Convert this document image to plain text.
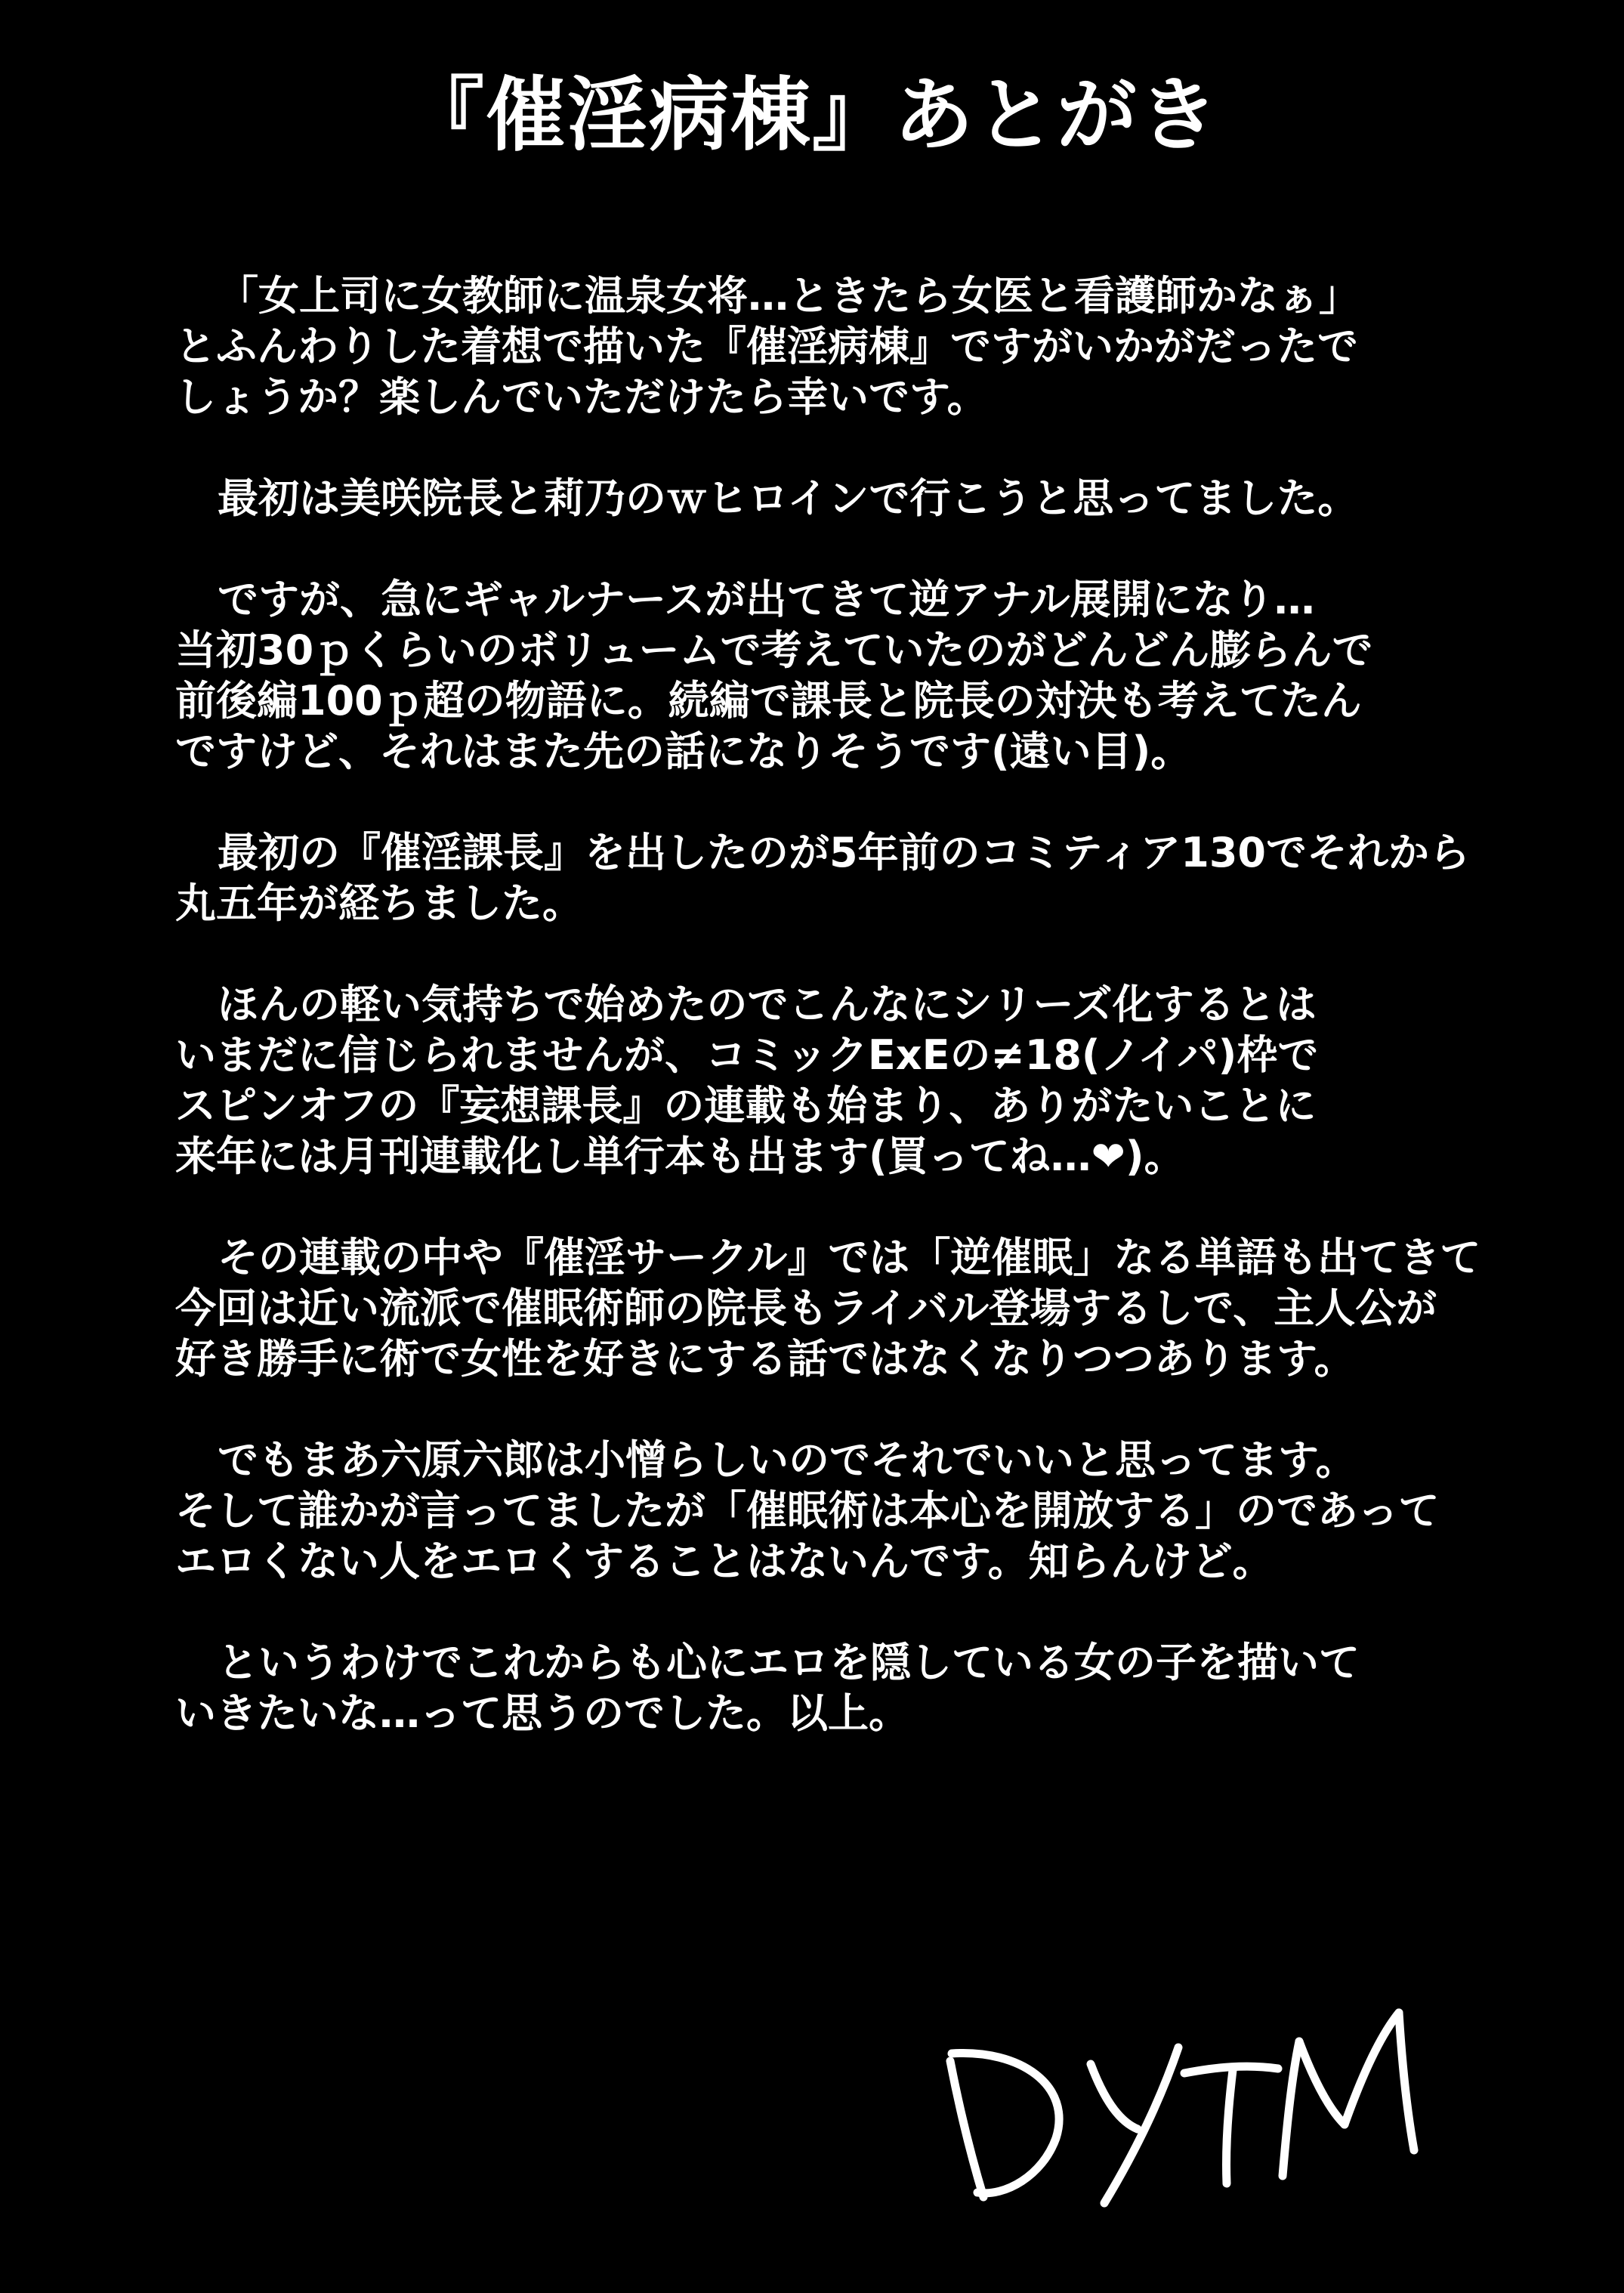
『催淫病棟』あとがき
「女上司に女教師に温泉女将…ときたら女医と看護師かなぁ」
とふんわりした着想で描いた『催淫病棟』ですがいかがだったで
しょうか？楽しんでいただけたら幸いです。
最初は美咲院長と莉乃のｗヒロインで行こうと思ってました。
ですが、急にギャルナースが出てきて逆アナル展開になり…
当初30ｐくらいのボリュームで考えていたのがどんどん膨らんで
前後編100ｐ超の物語に。続編で課長と院長の対決も考えてたん
ですけど、それはまた先の話になりそうです(遠い目)。
最初の『催淫課長』を出したのが5年前のコミティア130でそれから
丸五年が経ちました。
ほんの軽い気持ちで始めたのでこんなにシリーズ化するとは
いまだに信じられませんが、コミックExEの≠18(ノイパ)枠で
スピンオフの『妄想課長』の連載も始まり、ありがたいことに
来年には月刊連載化し単行本も出ます(買ってね…❤)。
その連載の中や『催淫サークル』では「逆催眠」なる単語も出てきて
今回は近い流派で催眠術師の院長もライバル登場するしで、主人公が
好き勝手に術で女性を好きにする話ではなくなりつつあります。
でもまあ六原六郎は小憎らしいのでそれでいいと思ってます。
そして誰かが言ってましたが「催眠術は本心を開放する」のであって
エロくない人をエロくすることはないんです。知らんけど。
というわけでこれからも心にエロを隠している女の子を描いて
いきたいな…って思うのでした。以上。
